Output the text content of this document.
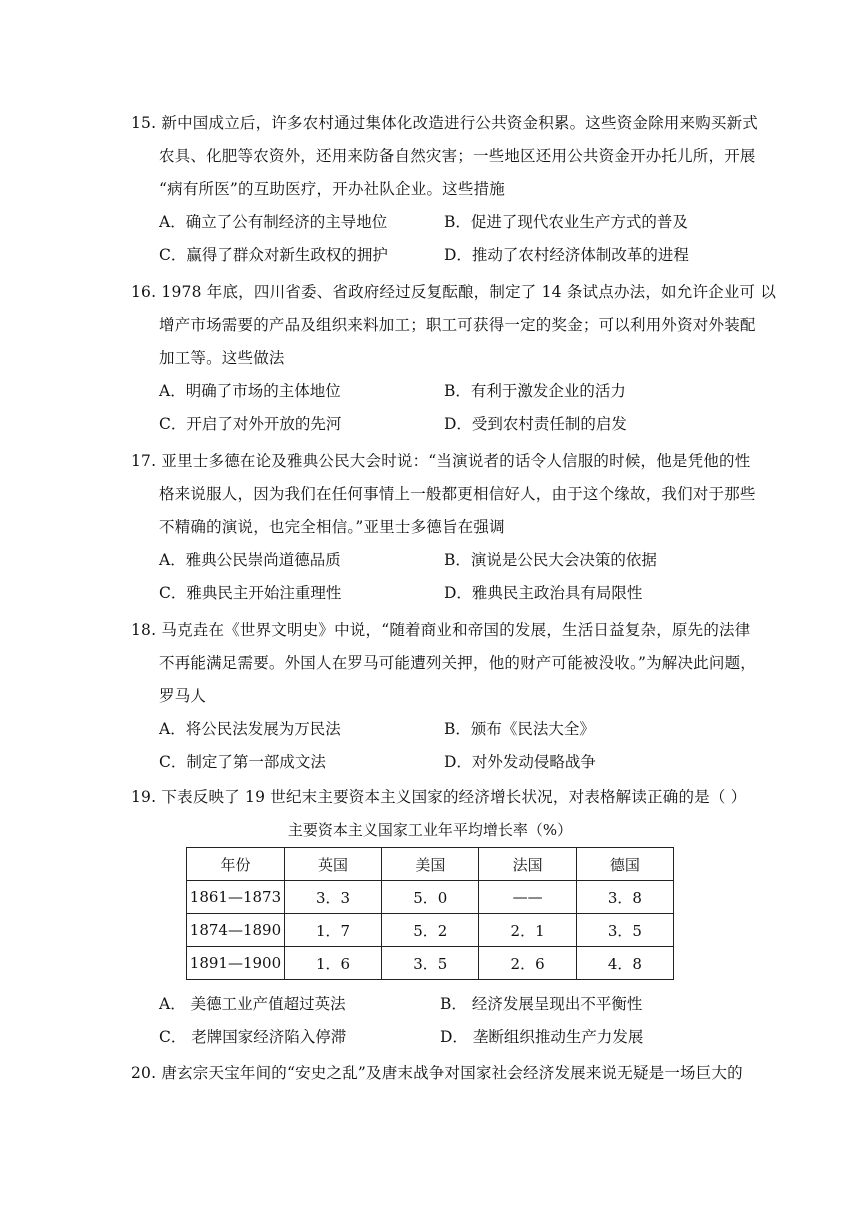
15. 新中国成立后，许多农村通过集体化改造进行公共资金积累。这些资金除用来购买新式
农具、化肥等农资外，还用来防备自然灾害；一些地区还用公共资金开办托儿所，开展
“病有所医”的互助医疗，开办社队企业。这些措施
A．确立了公有制经济的主导地位	B．促进了现代农业生产方式的普及
C．赢得了群众对新生政权的拥护	D．推动了农村经济体制改革的进程
16. 1978 年底，四川省委、省政府经过反复酝酿，制定了 14 条试点办法，如允许企业可 以
增产市场需要的产品及组织来料加工；职工可获得一定的奖金；可以利用外资对外装配
加工等。这些做法
A．明确了市场的主体地位	B．有利于激发企业的活力
C．开启了对外开放的先河	D．受到农村责任制的启发
17. 亚里士多德在论及雅典公民大会时说：“当演说者的话令人信服的时候，他是凭他的性
格来说服人，因为我们在任何事情上一般都更相信好人，由于这个缘故，我们对于那些
不精确的演说，也完全相信。”亚里士多德旨在强调
A．雅典公民崇尚道德品质	B．演说是公民大会决策的依据
C．雅典民主开始注重理性	D．雅典民主政治具有局限性
18. 马克垚在《世界文明史》中说，“随着商业和帝国的发展，生活日益复杂，原先的法律
不再能满足需要。外国人在罗马可能遭列关押，他的财产可能被没收。”为解决此问题，
罗马人
A．将公民法发展为万民法	B．颁布《民法大全》
C．制定了第一部成文法	D．对外发动侵略战争
19. 下表反映了 19 世纪末主要资本主义国家的经济增长状况，对表格解读正确的是（ ）
主要资本主义国家工业年平均增长率（%）
年份	英国	美国	法国	德国
1861—1873	3．3	5．0	——	3．8
1874—1890	1．7	5．2	2．1	3．5
1891—1900	1．6	3．5	2．6	4．8
A． 美德工业产值超过英法	B． 经济发展呈现出不平衡性
C． 老牌国家经济陷入停滞	D． 垄断组织推动生产力发展
20. 唐玄宗天宝年间的“安史之乱”及唐末战争对国家社会经济发展来说无疑是一场巨大的
